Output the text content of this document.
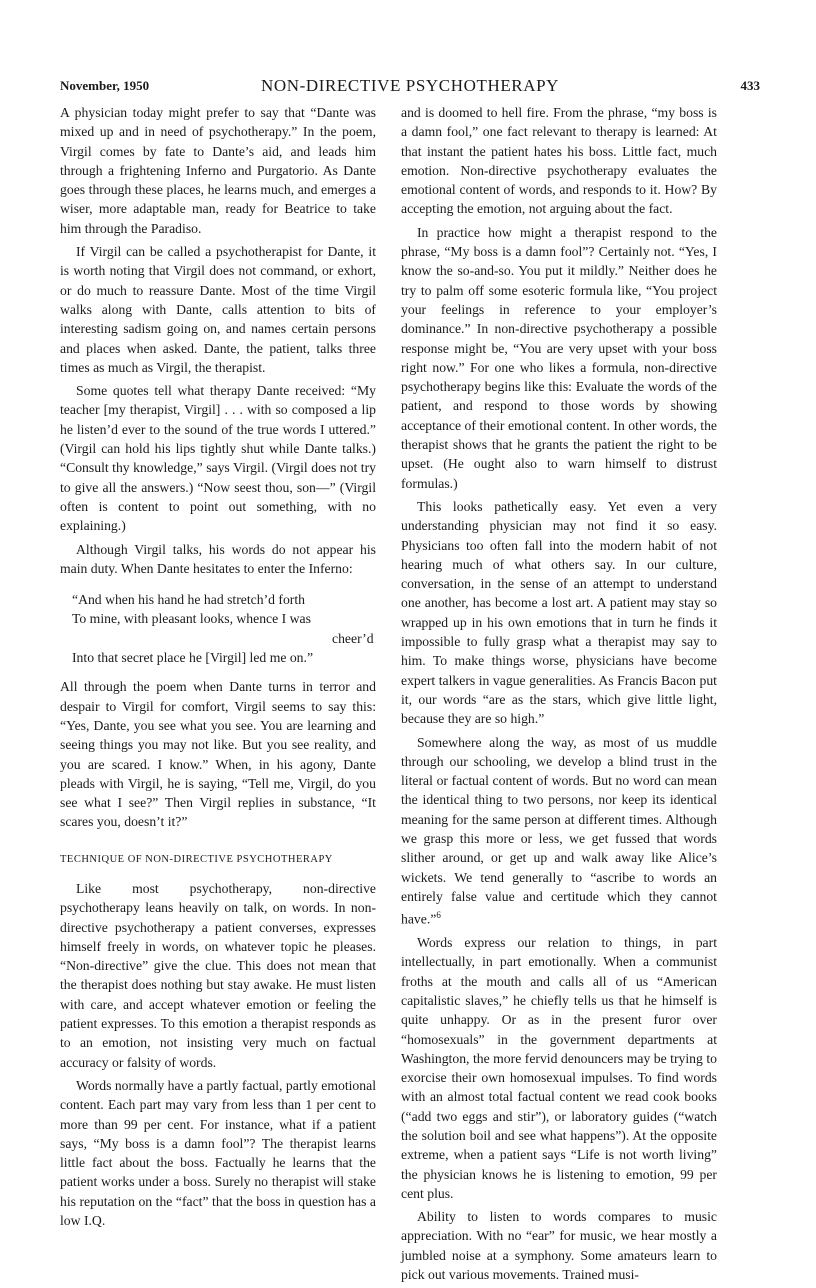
November, 1950	NON-DIRECTIVE PSYCHOTHERAPY	433

A physician today might prefer to say that “Dante was mixed up and in need of psychotherapy.” In the poem, Virgil comes by fate to Dante’s aid, and leads him through a frightening Inferno and Purgatorio. As Dante goes through these places, he learns much, and emerges a wiser, more adaptable man, ready for Beatrice to take him through the Paradiso.

If Virgil can be called a psychotherapist for Dante, it is worth noting that Virgil does not command, or exhort, or do much to reassure Dante. Most of the time Virgil walks along with Dante, calls attention to bits of interesting sadism going on, and names certain persons and places when asked. Dante, the patient, talks three times as much as Virgil, the therapist.

Some quotes tell what therapy Dante received: “My teacher [my therapist, Virgil] . . . with so composed a lip he listen’d ever to the sound of the true words I uttered.” (Virgil can hold his lips tightly shut while Dante talks.) “Consult thy knowledge,” says Virgil. (Virgil does not try to give all the answers.) “Now seest thou, son—” (Virgil often is content to point out something, with no explaining.)

Although Virgil talks, his words do not appear his main duty. When Dante hesitates to enter the Inferno:

“And when his hand he had stretch’d forth
To mine, with pleasant looks, whence I was
cheer’d
Into that secret place he [Virgil] led me on.”

All through the poem when Dante turns in terror and despair to Virgil for comfort, Virgil seems to say this: “Yes, Dante, you see what you see. You are learning and seeing things you may not like. But you see reality, and you are scared. I know.” When, in his agony, Dante pleads with Virgil, he is saying, “Tell me, Virgil, do you see what I see?” Then Virgil replies in substance, “It scares you, doesn’t it?”

TECHNIQUE OF NON-DIRECTIVE PSYCHOTHERAPY

Like most psychotherapy, non-directive psychotherapy leans heavily on talk, on words. In non-directive psychotherapy a patient converses, expresses himself freely in words, on whatever topic he pleases. “Non-directive” give the clue. This does not mean that the therapist does nothing but stay awake. He must listen with care, and accept whatever emotion or feeling the patient expresses. To this emotion a therapist responds as to an emotion, not insisting very much on factual accuracy or falsity of words.

Words normally have a partly factual, partly emotional content. Each part may vary from less than 1 per cent to more than 99 per cent. For instance, what if a patient says, “My boss is a damn fool”? The therapist learns little fact about the boss. Factually he learns that the patient works under a boss. Surely no therapist will stake his reputation on the “fact” that the boss in question has a low I.Q.

and is doomed to hell fire. From the phrase, “my boss is a damn fool,” one fact relevant to therapy is learned: At that instant the patient hates his boss. Little fact, much emotion. Non-directive psychotherapy evaluates the emotional content of words, and responds to it. How? By accepting the emotion, not arguing about the fact.

In practice how might a therapist respond to the phrase, “My boss is a damn fool”? Certainly not. “Yes, I know the so-and-so. You put it mildly.” Neither does he try to palm off some esoteric formula like, “You project your feelings in reference to your employer’s dominance.” In non-directive psychotherapy a possible response might be, “You are very upset with your boss right now.” For one who likes a formula, non-directive psychotherapy begins like this: Evaluate the words of the patient, and respond to those words by showing acceptance of their emotional content. In other words, the therapist shows that he grants the patient the right to be upset. (He ought also to warn himself to distrust formulas.)

This looks pathetically easy. Yet even a very understanding physician may not find it so easy. Physicians too often fall into the modern habit of not hearing much of what others say. In our culture, conversation, in the sense of an attempt to understand one another, has become a lost art. A patient may stay so wrapped up in his own emotions that in turn he finds it impossible to fully grasp what a therapist may say to him. To make things worse, physicians have become expert talkers in vague generalities. As Francis Bacon put it, our words “are as the stars, which give little light, because they are so high.”

Somewhere along the way, as most of us muddle through our schooling, we develop a blind trust in the literal or factual content of words. But no word can mean the identical thing to two persons, nor keep its identical meaning for the same person at different times. Although we grasp this more or less, we get fussed that words slither around, or get up and walk away like Alice’s wickets. We tend generally to “ascribe to words an entirely false value and certitude which they cannot have.”$^6$

Words express our relation to things, in part intellectually, in part emotionally. When a communist froths at the mouth and calls all of us “American capitalistic slaves,” he chiefly tells us that he himself is quite unhappy. Or as in the present furor over “homosexuals” in the government departments at Washington, the more fervid denouncers may be trying to exorcise their own homosexual impulses. To find words with an almost total factual content we read cook books (“add two eggs and stir”), or laboratory guides (“watch the solution boil and see what happens”). At the opposite extreme, when a patient says “Life is not worth living” the physician knows he is listening to emotion, 99 per cent plus.

Ability to listen to words compares to music appreciation. With no “ear” for music, we hear mostly a jumbled noise at a symphony. Some amateurs learn to pick out various movements. Trained musi-
